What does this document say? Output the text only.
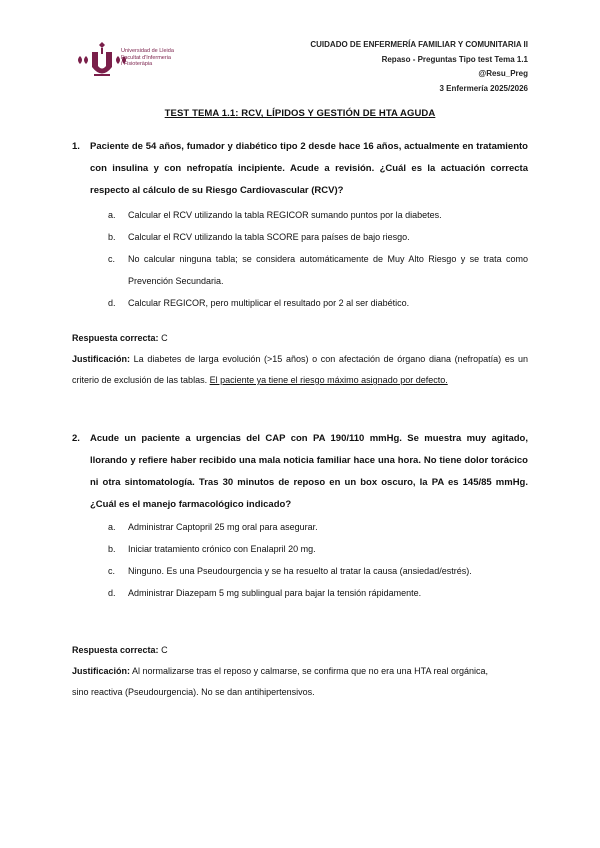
Universidad de Lleida
Facultat d'Infermeria
i Fisioteràpia
CUIDADO DE ENFERMERÍA FAMILIAR Y COMUNITARIA II
Repaso - Preguntas Tipo test Tema 1.1
@Resu_Preg
3 Enfermería 2025/2026
TEST TEMA 1.1: RCV, LÍPIDOS Y GESTIÓN DE HTA AGUDA
1. Paciente de 54 años, fumador y diabético tipo 2 desde hace 16 años, actualmente en tratamiento con insulina y con nefropatía incipiente. Acude a revisión. ¿Cuál es la actuación correcta respecto al cálculo de su Riesgo Cardiovascular (RCV)?
a. Calcular el RCV utilizando la tabla REGICOR sumando puntos por la diabetes.
b. Calcular el RCV utilizando la tabla SCORE para países de bajo riesgo.
c. No calcular ninguna tabla; se considera automáticamente de Muy Alto Riesgo y se trata como Prevención Secundaria.
d. Calcular REGICOR, pero multiplicar el resultado por 2 al ser diabético.
Respuesta correcta: C
Justificación: La diabetes de larga evolución (>15 años) o con afectación de órgano diana (nefropatía) es un criterio de exclusión de las tablas. El paciente ya tiene el riesgo máximo asignado por defecto.
2. Acude un paciente a urgencias del CAP con PA 190/110 mmHg. Se muestra muy agitado, llorando y refiere haber recibido una mala noticia familiar hace una hora. No tiene dolor torácico ni otra sintomatología. Tras 30 minutos de reposo en un box oscuro, la PA es 145/85 mmHg. ¿Cuál es el manejo farmacológico indicado?
a. Administrar Captopril 25 mg oral para asegurar.
b. Iniciar tratamiento crónico con Enalapril 20 mg.
c. Ninguno. Es una Pseudourgencia y se ha resuelto al tratar la causa (ansiedad/estrés).
d. Administrar Diazepam 5 mg sublingual para bajar la tensión rápidamente.
Respuesta correcta: C
Justificación: Al normalizarse tras el reposo y calmarse, se confirma que no era una HTA real orgánica, sino reactiva (Pseudourgencia). No se dan antihipertensivos.
